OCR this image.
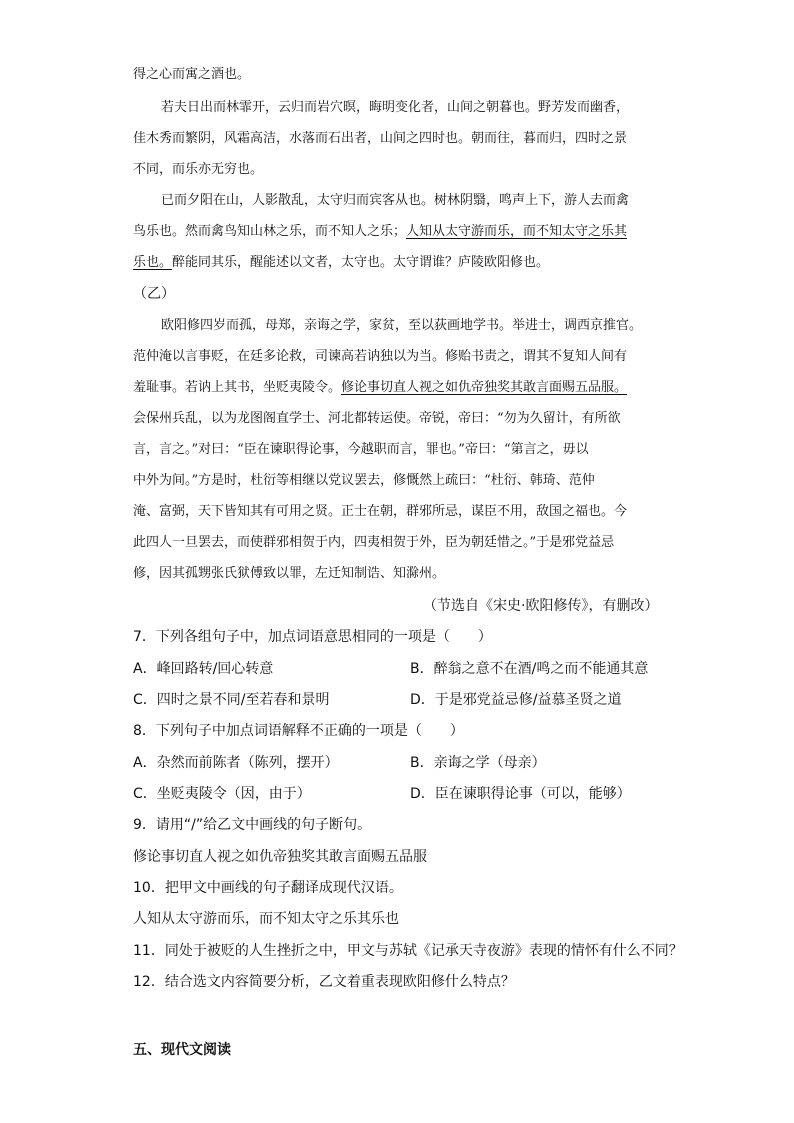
得之心而寓之酒也。
若夫日出而林霏开，云归而岩穴暝，晦明变化者，山间之朝暮也。野芳发而幽香，
佳木秀而繁阴，风霜高洁，水落而石出者，山间之四时也。朝而往，暮而归，四时之景
不同，而乐亦无穷也。
已而夕阳在山，人影散乱，太守归而宾客从也。树林阴翳，鸣声上下，游人去而禽
鸟乐也。然而禽鸟知山林之乐，而不知人之乐；人知从太守游而乐，而不知太守之乐其
乐也。醉能同其乐，醒能述以文者，太守也。太守谓谁？庐陵欧阳修也。
（乙）
欧阳修四岁而孤，母郑，亲诲之学，家贫，至以荻画地学书。举进士，调西京推官。
范仲淹以言事贬，在廷多论救，司谏高若讷独以为当。修贻书责之，谓其不复知人间有
羞耻事。若讷上其书，坐贬夷陵令。修论事切直人视之如仇帝独奖其敢言面赐五品服。
会保州兵乱，以为龙图阁直学士、河北都转运使。帝锐，帝曰：“勿为久留计，有所欲
言，言之。”对曰：“臣在谏职得论事，今越职而言，罪也。”帝曰：“第言之，毋以
中外为间。”方是时，杜衍等相继以党议罢去，修慨然上疏曰：“杜衍、韩琦、范仲
淹、富弼，天下皆知其有可用之贤。正士在朝，群邪所忌，谋臣不用，敌国之福也。今
此四人一旦罢去，而使群邪相贺于内，四夷相贺于外，臣为朝廷惜之。”于是邪党益忌
修，因其孤甥张氏狱傅致以罪，左迁知制诰、知滁州。
（节选自《宋史·欧阳修传》，有删改）
7．下列各组句子中，加点词语意思相同的一项是（　　）
A．峰回路转/回心转意	B．醉翁之意不在酒/鸣之而不能通其意
C．四时之景不同/至若春和景明	D．于是邪党益忌修/益慕圣贤之道
8．下列句子中加点词语解释不正确的一项是（　　）
A．杂然而前陈者（陈列，摆开）	B．亲诲之学（母亲）
C．坐贬夷陵令（因，由于）	D．臣在谏职得论事（可以，能够）
9．请用“/”给乙文中画线的句子断句。
修论事切直人视之如仇帝独奖其敢言面赐五品服
10．把甲文中画线的句子翻译成现代汉语。
人知从太守游而乐，而不知太守之乐其乐也
11．同处于被贬的人生挫折之中，甲文与苏轼《记承天寺夜游》表现的情怀有什么不同？
12．结合选文内容简要分析，乙文着重表现欧阳修什么特点？
五、现代文阅读
